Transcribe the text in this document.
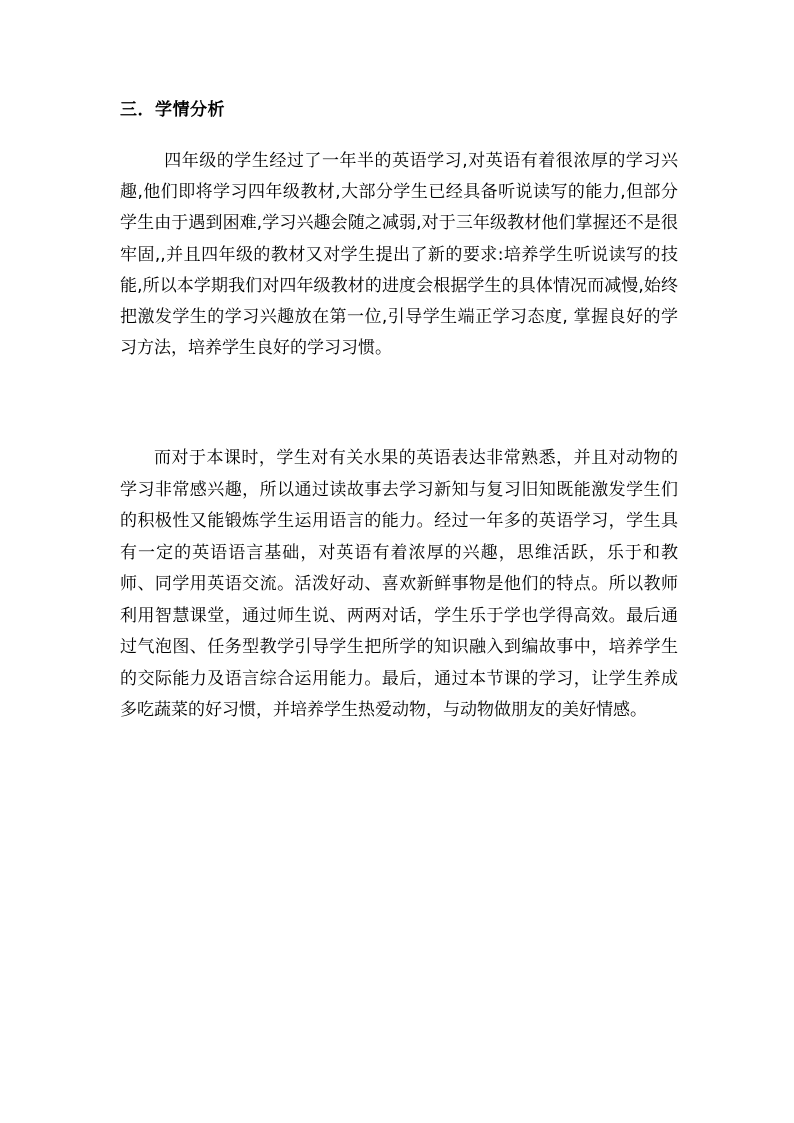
三．学情分析

四年级的学生经过了一年半的英语学习,对英语有着很浓厚的学习兴趣,他们即将学习四年级教材,大部分学生已经具备听说读写的能力,但部分学生由于遇到困难,学习兴趣会随之减弱,对于三年级教材他们掌握还不是很牢固,,并且四年级的教材又对学生提出了新的要求:培养学生听说读写的技能,所以本学期我们对四年级教材的进度会根据学生的具体情况而减慢,始终把激发学生的学习兴趣放在第一位,引导学生端正学习态度, 掌握良好的学习方法，培养学生良好的学习习惯。

而对于本课时，学生对有关水果的英语表达非常熟悉，并且对动物的学习非常感兴趣，所以通过读故事去学习新知与复习旧知既能激发学生们的积极性又能锻炼学生运用语言的能力。经过一年多的英语学习，学生具有一定的英语语言基础，对英语有着浓厚的兴趣，思维活跃，乐于和教师、同学用英语交流。活泼好动、喜欢新鲜事物是他们的特点。所以教师利用智慧课堂，通过师生说、两两对话，学生乐于学也学得高效。最后通过气泡图、任务型教学引导学生把所学的知识融入到编故事中，培养学生的交际能力及语言综合运用能力。最后，通过本节课的学习，让学生养成多吃蔬菜的好习惯，并培养学生热爱动物，与动物做朋友的美好情感。
